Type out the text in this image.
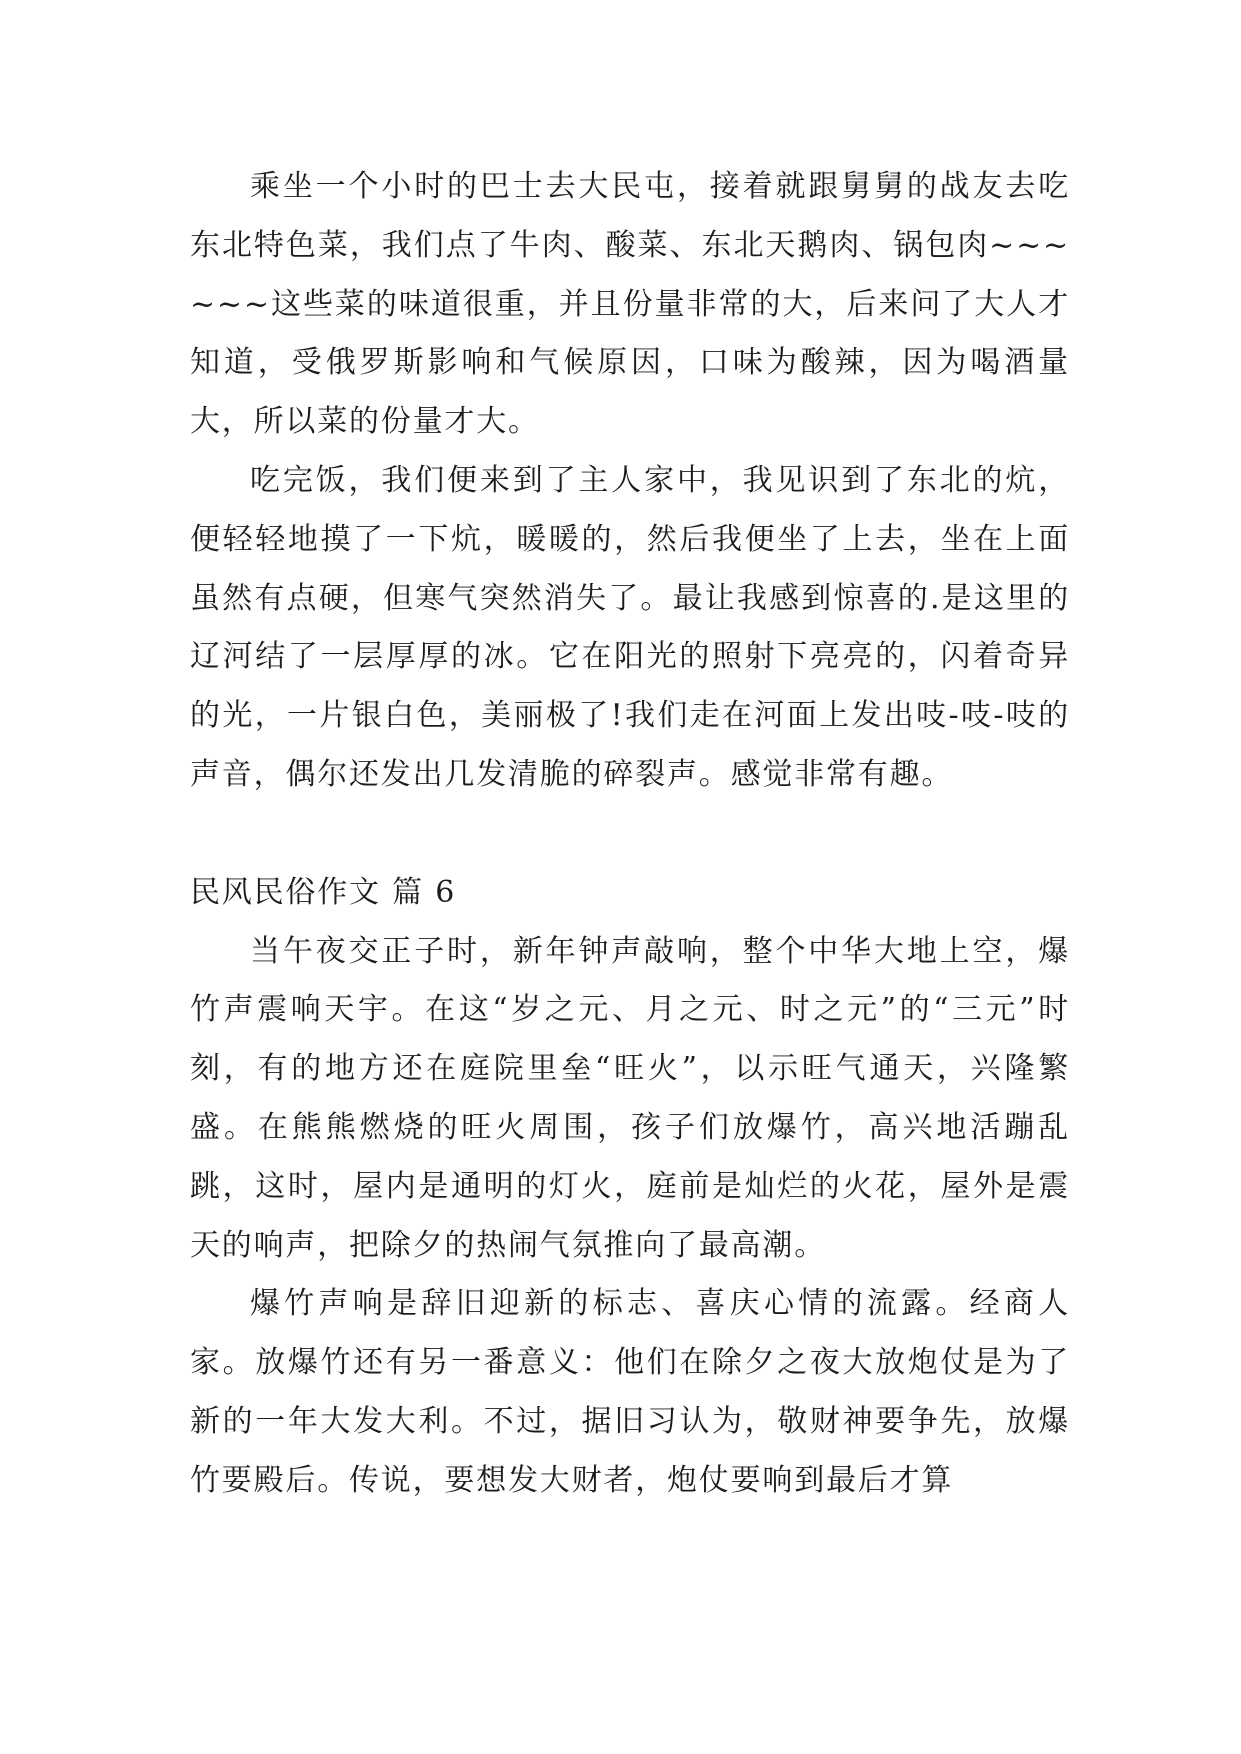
乘坐一个小时的巴士去大民屯，接着就跟舅舅的战友去吃东北特色菜，我们点了牛肉、酸菜、东北天鹅肉、锅包肉~~~~~~这些菜的味道很重，并且份量非常的大，后来问了大人才知道，受俄罗斯影响和气候原因，口味为酸辣，因为喝酒量大，所以菜的份量才大。

吃完饭，我们便来到了主人家中，我见识到了东北的炕，便轻轻地摸了一下炕，暖暖的，然后我便坐了上去，坐在上面虽然有点硬，但寒气突然消失了。最让我感到惊喜的.是这里的辽河结了一层厚厚的冰。它在阳光的照射下亮亮的，闪着奇异的光，一片银白色，美丽极了!我们走在河面上发出吱-吱-吱的声音，偶尔还发出几发清脆的碎裂声。感觉非常有趣。

民风民俗作文 篇 6

当午夜交正子时，新年钟声敲响，整个中华大地上空，爆竹声震响天宇。在这“岁之元、月之元、时之元”的“三元”时刻，有的地方还在庭院里垒“旺火”，以示旺气通天，兴隆繁盛。在熊熊燃烧的旺火周围，孩子们放爆竹，高兴地活蹦乱跳，这时，屋内是通明的灯火，庭前是灿烂的火花，屋外是震天的响声，把除夕的热闹气氛推向了最高潮。

爆竹声响是辞旧迎新的标志、喜庆心情的流露。经商人家。放爆竹还有另一番意义：他们在除夕之夜大放炮仗是为了新的一年大发大利。不过，据旧习认为，敬财神要争先，放爆竹要殿后。传说，要想发大财者，炮仗要响到最后才算
